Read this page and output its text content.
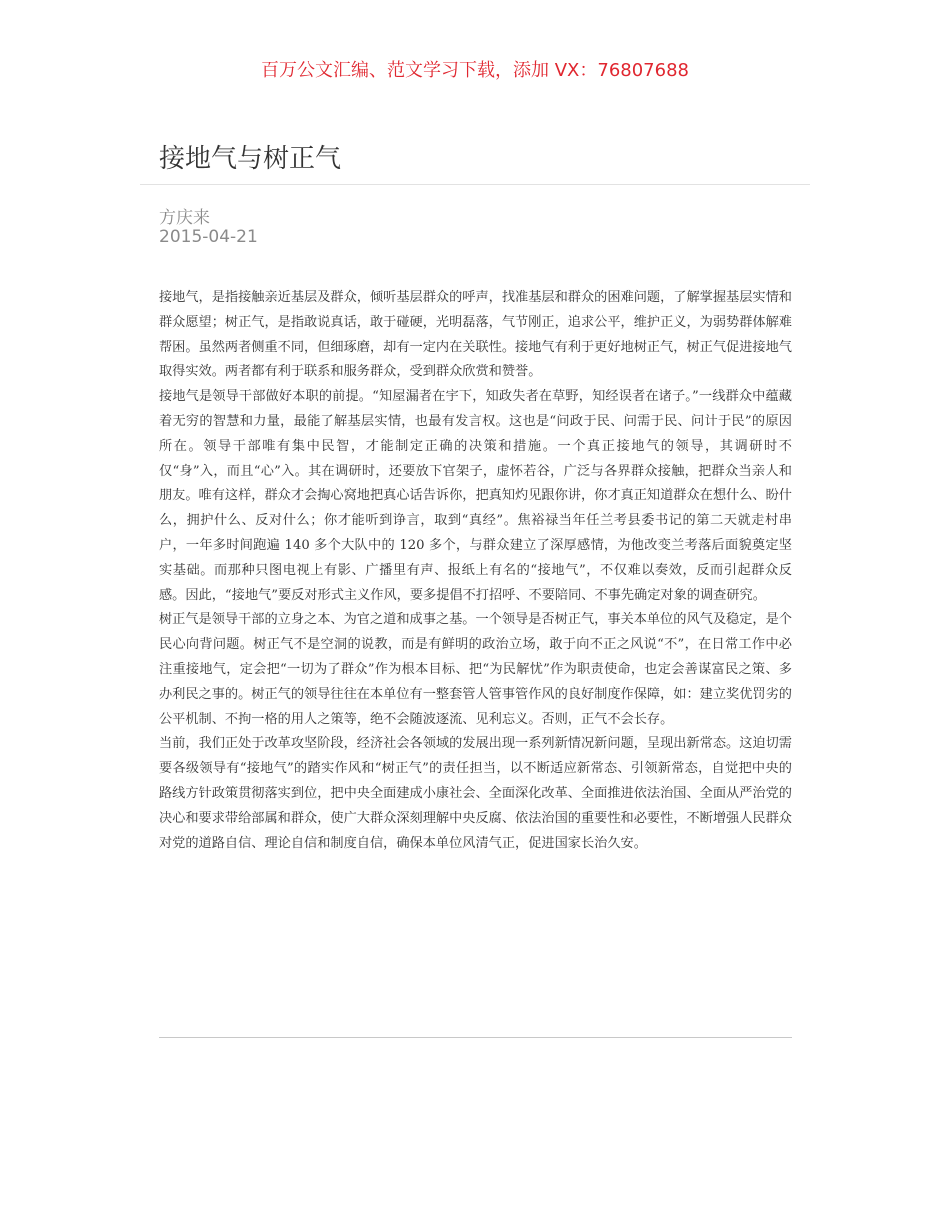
百万公文汇编、范文学习下载，添加 VX：76807688
接地气与树正气
方庆来
2015-04-21

接地气，是指接触亲近基层及群众，倾听基层群众的呼声，找准基层和群众的困难问题，了解掌握基层实情和群众愿望；树正气，是指敢说真话，敢于碰硬，光明磊落，气节刚正，追求公平，维护正义，为弱势群体解难帮困。虽然两者侧重不同，但细琢磨，却有一定内在关联性。接地气有利于更好地树正气，树正气促进接地气取得实效。两者都有利于联系和服务群众，受到群众欣赏和赞誉。

接地气是领导干部做好本职的前提。“知屋漏者在宇下，知政失者在草野，知经误者在诸子。”一线群众中蕴藏着无穷的智慧和力量，最能了解基层实情，也最有发言权。这也是“问政于民、问需于民、问计于民”的原因所在。领导干部唯有集中民智，才能制定正确的决策和措施。一个真正接地气的领导，其调研时不仅“身”入，而且“心”入。其在调研时，还要放下官架子，虚怀若谷，广泛与各界群众接触，把群众当亲人和朋友。唯有这样，群众才会掏心窝地把真心话告诉你，把真知灼见跟你讲，你才真正知道群众在想什么、盼什么，拥护什么、反对什么；你才能听到诤言，取到“真经”。焦裕禄当年任兰考县委书记的第二天就走村串户，一年多时间跑遍 140 多个大队中的 120 多个，与群众建立了深厚感情，为他改变兰考落后面貌奠定坚实基础。而那种只图电视上有影、广播里有声、报纸上有名的“接地气”，不仅难以奏效，反而引起群众反感。因此，“接地气”要反对形式主义作风，要多提倡不打招呼、不要陪同、不事先确定对象的调查研究。

树正气是领导干部的立身之本、为官之道和成事之基。一个领导是否树正气，事关本单位的风气及稳定，是个民心向背问题。树正气不是空洞的说教，而是有鲜明的政治立场，敢于向不正之风说“不”，在日常工作中必注重接地气，定会把“一切为了群众”作为根本目标、把“为民解忧”作为职责使命，也定会善谋富民之策、多办利民之事的。树正气的领导往往在本单位有一整套管人管事管作风的良好制度作保障，如：建立奖优罚劣的公平机制、不拘一格的用人之策等，绝不会随波逐流、见利忘义。否则，正气不会长存。

当前，我们正处于改革攻坚阶段，经济社会各领域的发展出现一系列新情况新问题，呈现出新常态。这迫切需要各级领导有“接地气”的踏实作风和“树正气”的责任担当，以不断适应新常态、引领新常态，自觉把中央的路线方针政策贯彻落实到位，把中央全面建成小康社会、全面深化改革、全面推进依法治国、全面从严治党的决心和要求带给部属和群众，使广大群众深刻理解中央反腐、依法治国的重要性和必要性，不断增强人民群众对党的道路自信、理论自信和制度自信，确保本单位风清气正，促进国家长治久安。
